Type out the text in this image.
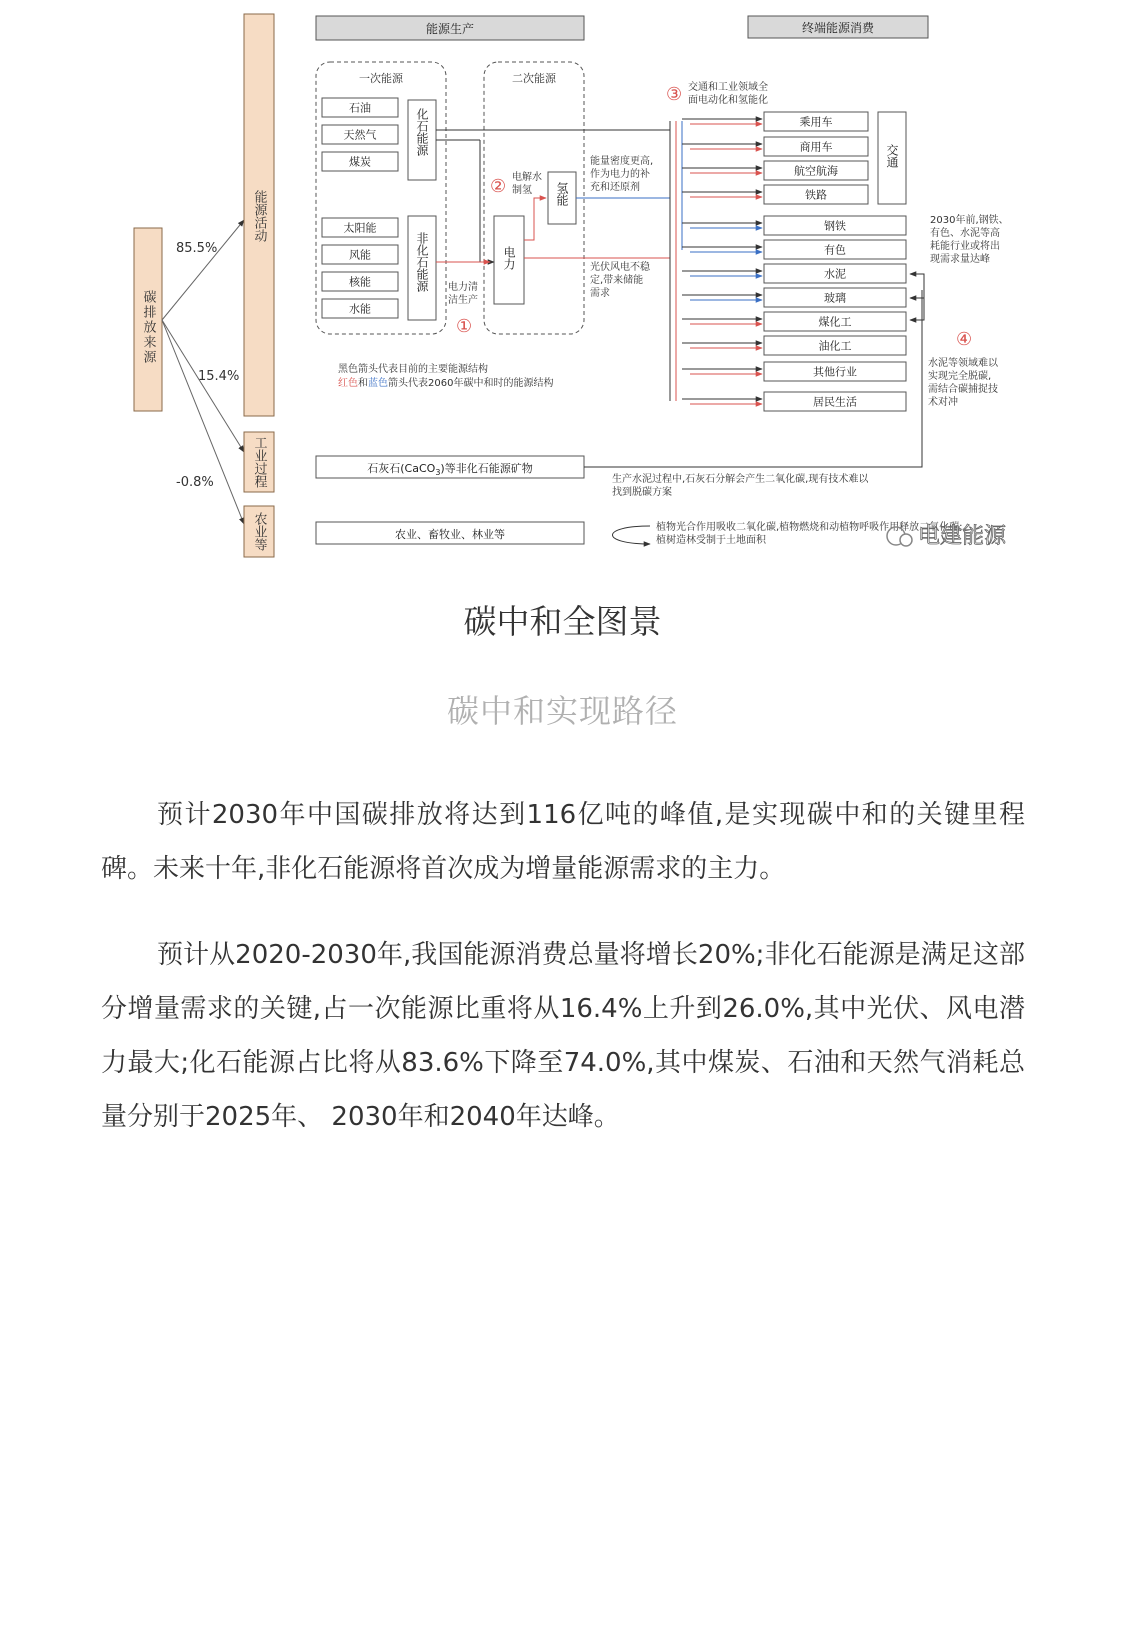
碳排放来源
85.5%
15.4%
-0.8%
能源活动
工业过程
农业等
能源生产	终端能源消费
一次能源
石油
天然气
煤炭
化石能源
太阳能
风能
核能
水能
非化石能源
二次能源
电力
氢能
电解水制氢
②
电力清洁生产
①
能量密度更高,作为电力的补充和还原剂
光伏风电不稳定,带来储能需求
③ 交通和工业领域全面电动化和氢能化
乘用车
商用车
航空航海
铁路
交通
钢铁
有色
水泥
玻璃
煤化工
油化工
其他行业
居民生活
2030年前,钢铁、有色、水泥等高耗能行业或将出现需求量达峰
④
水泥等领域难以实现完全脱碳,需结合碳捕捉技术对冲
黑色箭头代表目前的主要能源结构
红色和蓝色箭头代表2060年碳中和时的能源结构
石灰石(CaCO$_3$)等非化石能源矿物
生产水泥过程中,石灰石分解会产生二氧化碳,现有技术难以找到脱碳方案
农业、畜牧业、林业等
植物光合作用吸收二氧化碳,植物燃烧和动植物呼吸作用释放二氧化碳;植树造林受制于土地面积	电建能源
碳中和全图景
碳中和实现路径

预计2030年中国碳排放将达到116亿吨的峰值,是实现碳中和的关键里程碑。未来十年,非化石能源将首次成为增量能源需求的主力。

预计从2020-2030年,我国能源消费总量将增长20%;非化石能源是满足这部分增量需求的关键,占一次能源比重将从16.4%上升到26.0%,其中光伏、风电潜力最大;化石能源占比将从83.6%下降至74.0%,其中煤炭、石油和天然气消耗总量分别于2025年、 2030年和2040年达峰。
